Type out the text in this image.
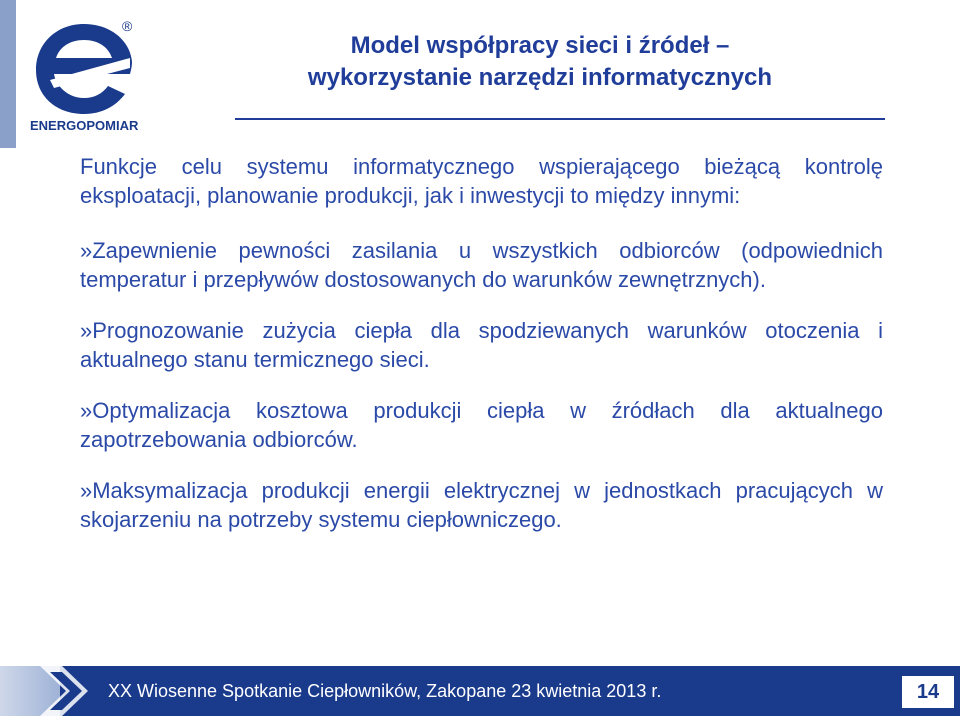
®
ENERGOPOMIAR
Model współpracy sieci i źródeł –
wykorzystanie narzędzi informatycznych

Funkcje celu systemu informatycznego wspierającego bieżącą kontrolę eksploatacji, planowanie produkcji, jak i inwestycji to między innymi:

»Zapewnienie pewności zasilania u wszystkich odbiorców (odpowiednich temperatur i przepływów dostosowanych do warunków zewnętrznych).

»Prognozowanie zużycia ciepła dla spodziewanych warunków otoczenia i aktualnego stanu termicznego sieci.

»Optymalizacja kosztowa produkcji ciepła w źródłach dla aktualnego zapotrzebowania odbiorców.

»Maksymalizacja produkcji energii elektrycznej w jednostkach pracujących w skojarzeniu na potrzeby systemu ciepłowniczego.

XX Wiosenne Spotkanie Ciepłowników, Zakopane 23 kwietnia 2013 r.	14
